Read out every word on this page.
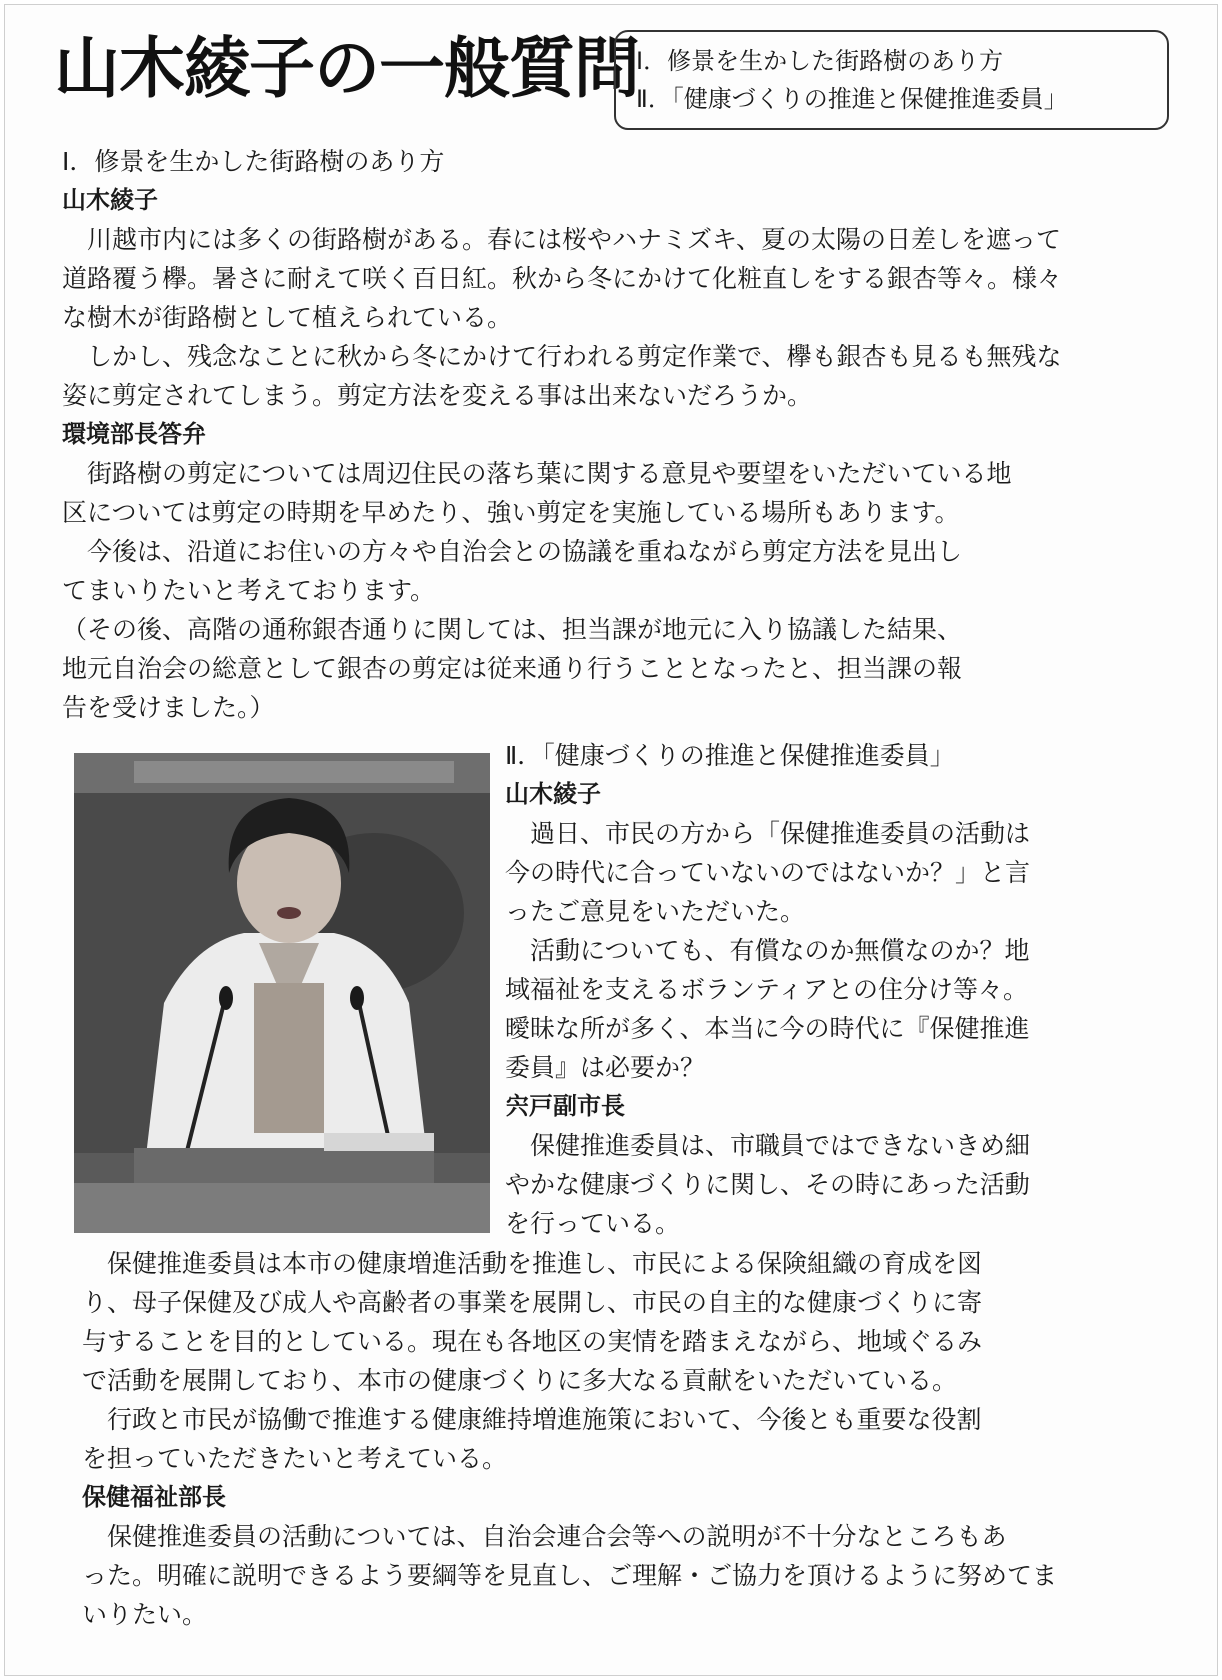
山木綾子の一般質問
Ⅰ．修景を生かした街路樹のあり方
Ⅱ．「健康づくりの推進と保健推進委員」
Ⅰ．修景を生かした街路樹のあり方
山木綾子
　川越市内には多くの街路樹がある。春には桜やハナミズキ、夏の太陽の日差しを遮って
道路覆う欅。暑さに耐えて咲く百日紅。秋から冬にかけて化粧直しをする銀杏等々。様々
な樹木が街路樹として植えられている。
　しかし、残念なことに秋から冬にかけて行われる剪定作業で、欅も銀杏も見るも無残な
姿に剪定されてしまう。剪定方法を変える事は出来ないだろうか。
環境部長答弁
　街路樹の剪定については周辺住民の落ち葉に関する意見や要望をいただいている地
区については剪定の時期を早めたり、強い剪定を実施している場所もあります。
　今後は、沿道にお住いの方々や自治会との協議を重ねながら剪定方法を見出し
てまいりたいと考えております。
（その後、高階の通称銀杏通りに関しては、担当課が地元に入り協議した結果、
地元自治会の総意として銀杏の剪定は従来通り行うこととなったと、担当課の報
告を受けました。）
Ⅱ．「健康づくりの推進と保健推進委員」
山木綾子
　過日、市民の方から「保健推進委員の活動は
今の時代に合っていないのではないか？」と言
ったご意見をいただいた。
　活動についても、有償なのか無償なのか？地
域福祉を支えるボランティアとの住分け等々。
曖昧な所が多く、本当に今の時代に『保健推進
委員』は必要か？
宍戸副市長
　保健推進委員は、市職員ではできないきめ細
やかな健康づくりに関し、その時にあった活動
を行っている。
　保健推進委員は本市の健康増進活動を推進し、市民による保険組織の育成を図
り、母子保健及び成人や高齢者の事業を展開し、市民の自主的な健康づくりに寄
与することを目的としている。現在も各地区の実情を踏まえながら、地域ぐるみ
で活動を展開しており、本市の健康づくりに多大なる貢献をいただいている。
　行政と市民が協働で推進する健康維持増進施策において、今後とも重要な役割
を担っていただきたいと考えている。
保健福祉部長
　保健推進委員の活動については、自治会連合会等への説明が不十分なところもあ
った。明確に説明できるよう要綱等を見直し、ご理解・ご協力を頂けるように努めてま
いりたい。
